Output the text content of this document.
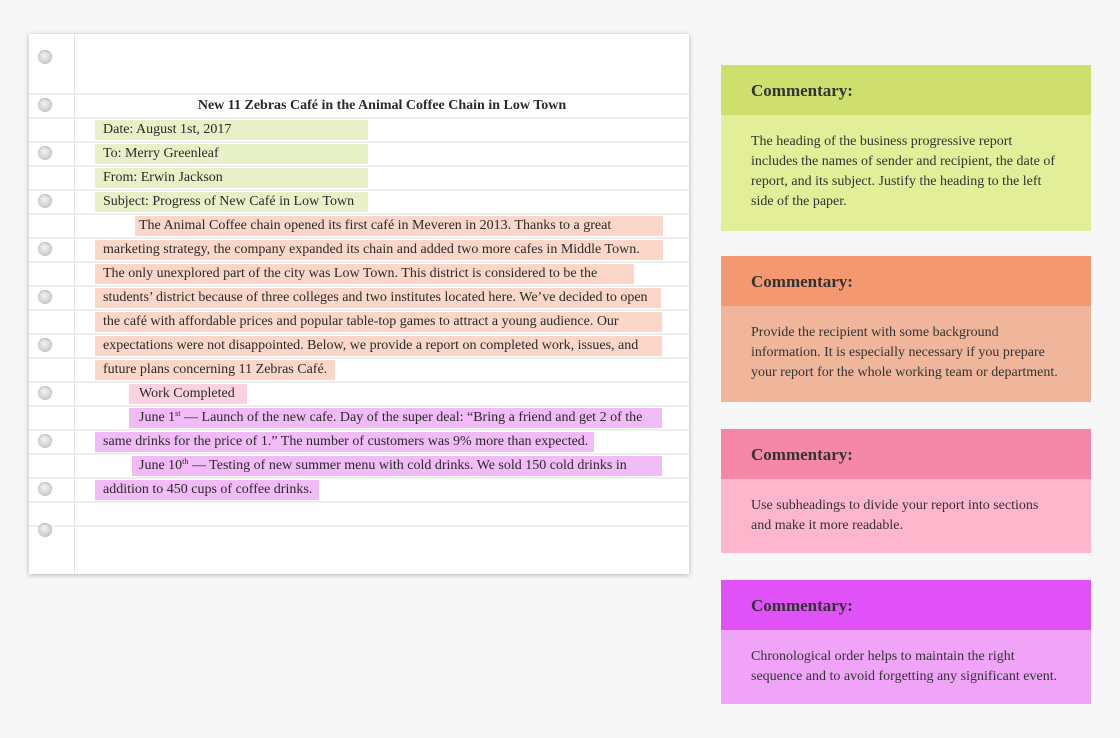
New 11 Zebras Café in the Animal Coffee Chain in Low Town
Date: August 1st, 2017
To: Merry Greenleaf
From: Erwin Jackson
Subject: Progress of New Café in Low Town
The Animal Coffee chain opened its first café in Meveren in 2013. Thanks to a great
marketing strategy, the company expanded its chain and added two more cafes in Middle Town.
The only unexplored part of the city was Low Town. This district is considered to be the
students’ district because of three colleges and two institutes located here. We’ve decided to open
the café with affordable prices and popular table-top games to attract a young audience. Our
expectations were not disappointed. Below, we provide a report on completed work, issues, and
future plans concerning 11 Zebras Café.
Work Completed
June 1st — Launch of the new cafe. Day of the super deal: “Bring a friend and get 2 of the
same drinks for the price of 1.” The number of customers was 9% more than expected.
June 10th — Testing of new summer menu with cold drinks. We sold 150 cold drinks in
addition to 450 cups of coffee drinks.
Commentary:
The heading of the business progressive report includes the names of sender and recipient, the date of report, and its subject. Justify the heading to the left side of the paper.
Commentary:
Provide the recipient with some background information. It is especially necessary if you prepare your report for the whole working team or department.
Commentary:
Use subheadings to divide your report into sections and make it more readable.
Commentary:
Chronological order helps to maintain the right sequence and to avoid forgetting any significant event.
